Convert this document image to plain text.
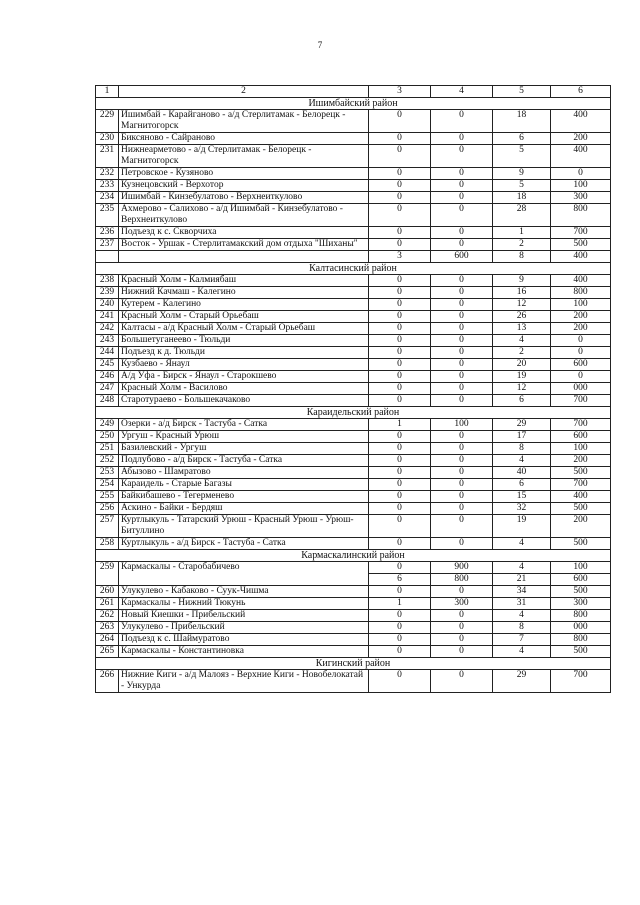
7
1	2	3	4	5	6
Ишимбайский район					
229	Ишимбай - Карайганово - а/д Стерлитамак - Белорецк - Магнитогорск	0	0	18	400
230	Биксяново - Сайраново	0	0	6	200
231	Нижнеарметово - а/д Стерлитамак - Белорецк - Магнитогорск	0	0	5	400
232	Петровское - Кузяново	0	0	9	0
233	Кузнецовский - Верхотор	0	0	5	100
234	Ишимбай - Кинзебулатово - Верхнеиткулово	0	0	18	300
235	Ахмерово - Салихово - а/д Ишимбай - Кинзебулатово - Верхнеиткулово	0	0	28	800
236	Подъезд к с. Скворчиха	0	0	1	700
237	Восток - Уршак - Стерлитамакский дом отдыха "Шиханы"	0	0	2	500
		3	600	8	400
Калтасинский район					
238	Красный Холм - Калмиябаш	0	0	9	400
239	Нижний Качмаш - Калегино	0	0	16	800
240	Кутерем - Калегино	0	0	12	100
241	Красный Холм - Старый Орьебаш	0	0	26	200
242	Калтасы - а/д Красный Холм - Старый Орьебаш	0	0	13	200
243	Большетуганеево - Тюльди	0	0	4	0
244	Подъезд к д. Тюльди	0	0	2	0
245	Кузбаево - Янаул	0	0	20	600
246	А/д Уфа - Бирск - Янаул - Старокшево	0	0	19	0
247	Красный Холм - Василово	0	0	12	000
248	Старотураево - Большекачаково	0	0	6	700
Караидельский район					
249	Озерки - а/д Бирск - Тастуба - Сатка	1	100	29	700
250	Ургуш - Красный Урюш	0	0	17	600
251	Базилевский - Ургуш	0	0	8	100
252	Подлубово - а/д Бирск - Тастуба - Сатка	0	0	4	200
253	Абызово - Шамратово	0	0	40	500
254	Караидель - Старые Багазы	0	0	6	700
255	Байкибашево - Тегерменево	0	0	15	400
256	Аскино - Байки - Бердяш	0	0	32	500
257	Куртлыкуль - Татарский Урюш - Красный Урюш - Урюш-Битуллино	0	0	19	200
258	Куртлыкуль - а/д Бирск - Тастуба - Сатка	0	0	4	500
Кармаскалинский район					
259	Кармаскалы - Старобабичево	0	900	4	100
		6	800	21	600
260	Улукулево - Кабаково - Суук-Чишма	0	0	34	500
261	Кармаскалы - Нижний Тюкунь	1	300	31	300
262	Новый Киешки - Прибельский	0	0	4	800
263	Улукулево - Прибельский	0	0	8	000
264	Подъезд к с. Шаймуратово	0	0	7	800
265	Кармаскалы - Константиновка	0	0	4	500
Кигинский район					
266	Нижние Киги - а/д Малояз - Верхние Киги - Новобелокатай - Ункурда	0	0	29	700
